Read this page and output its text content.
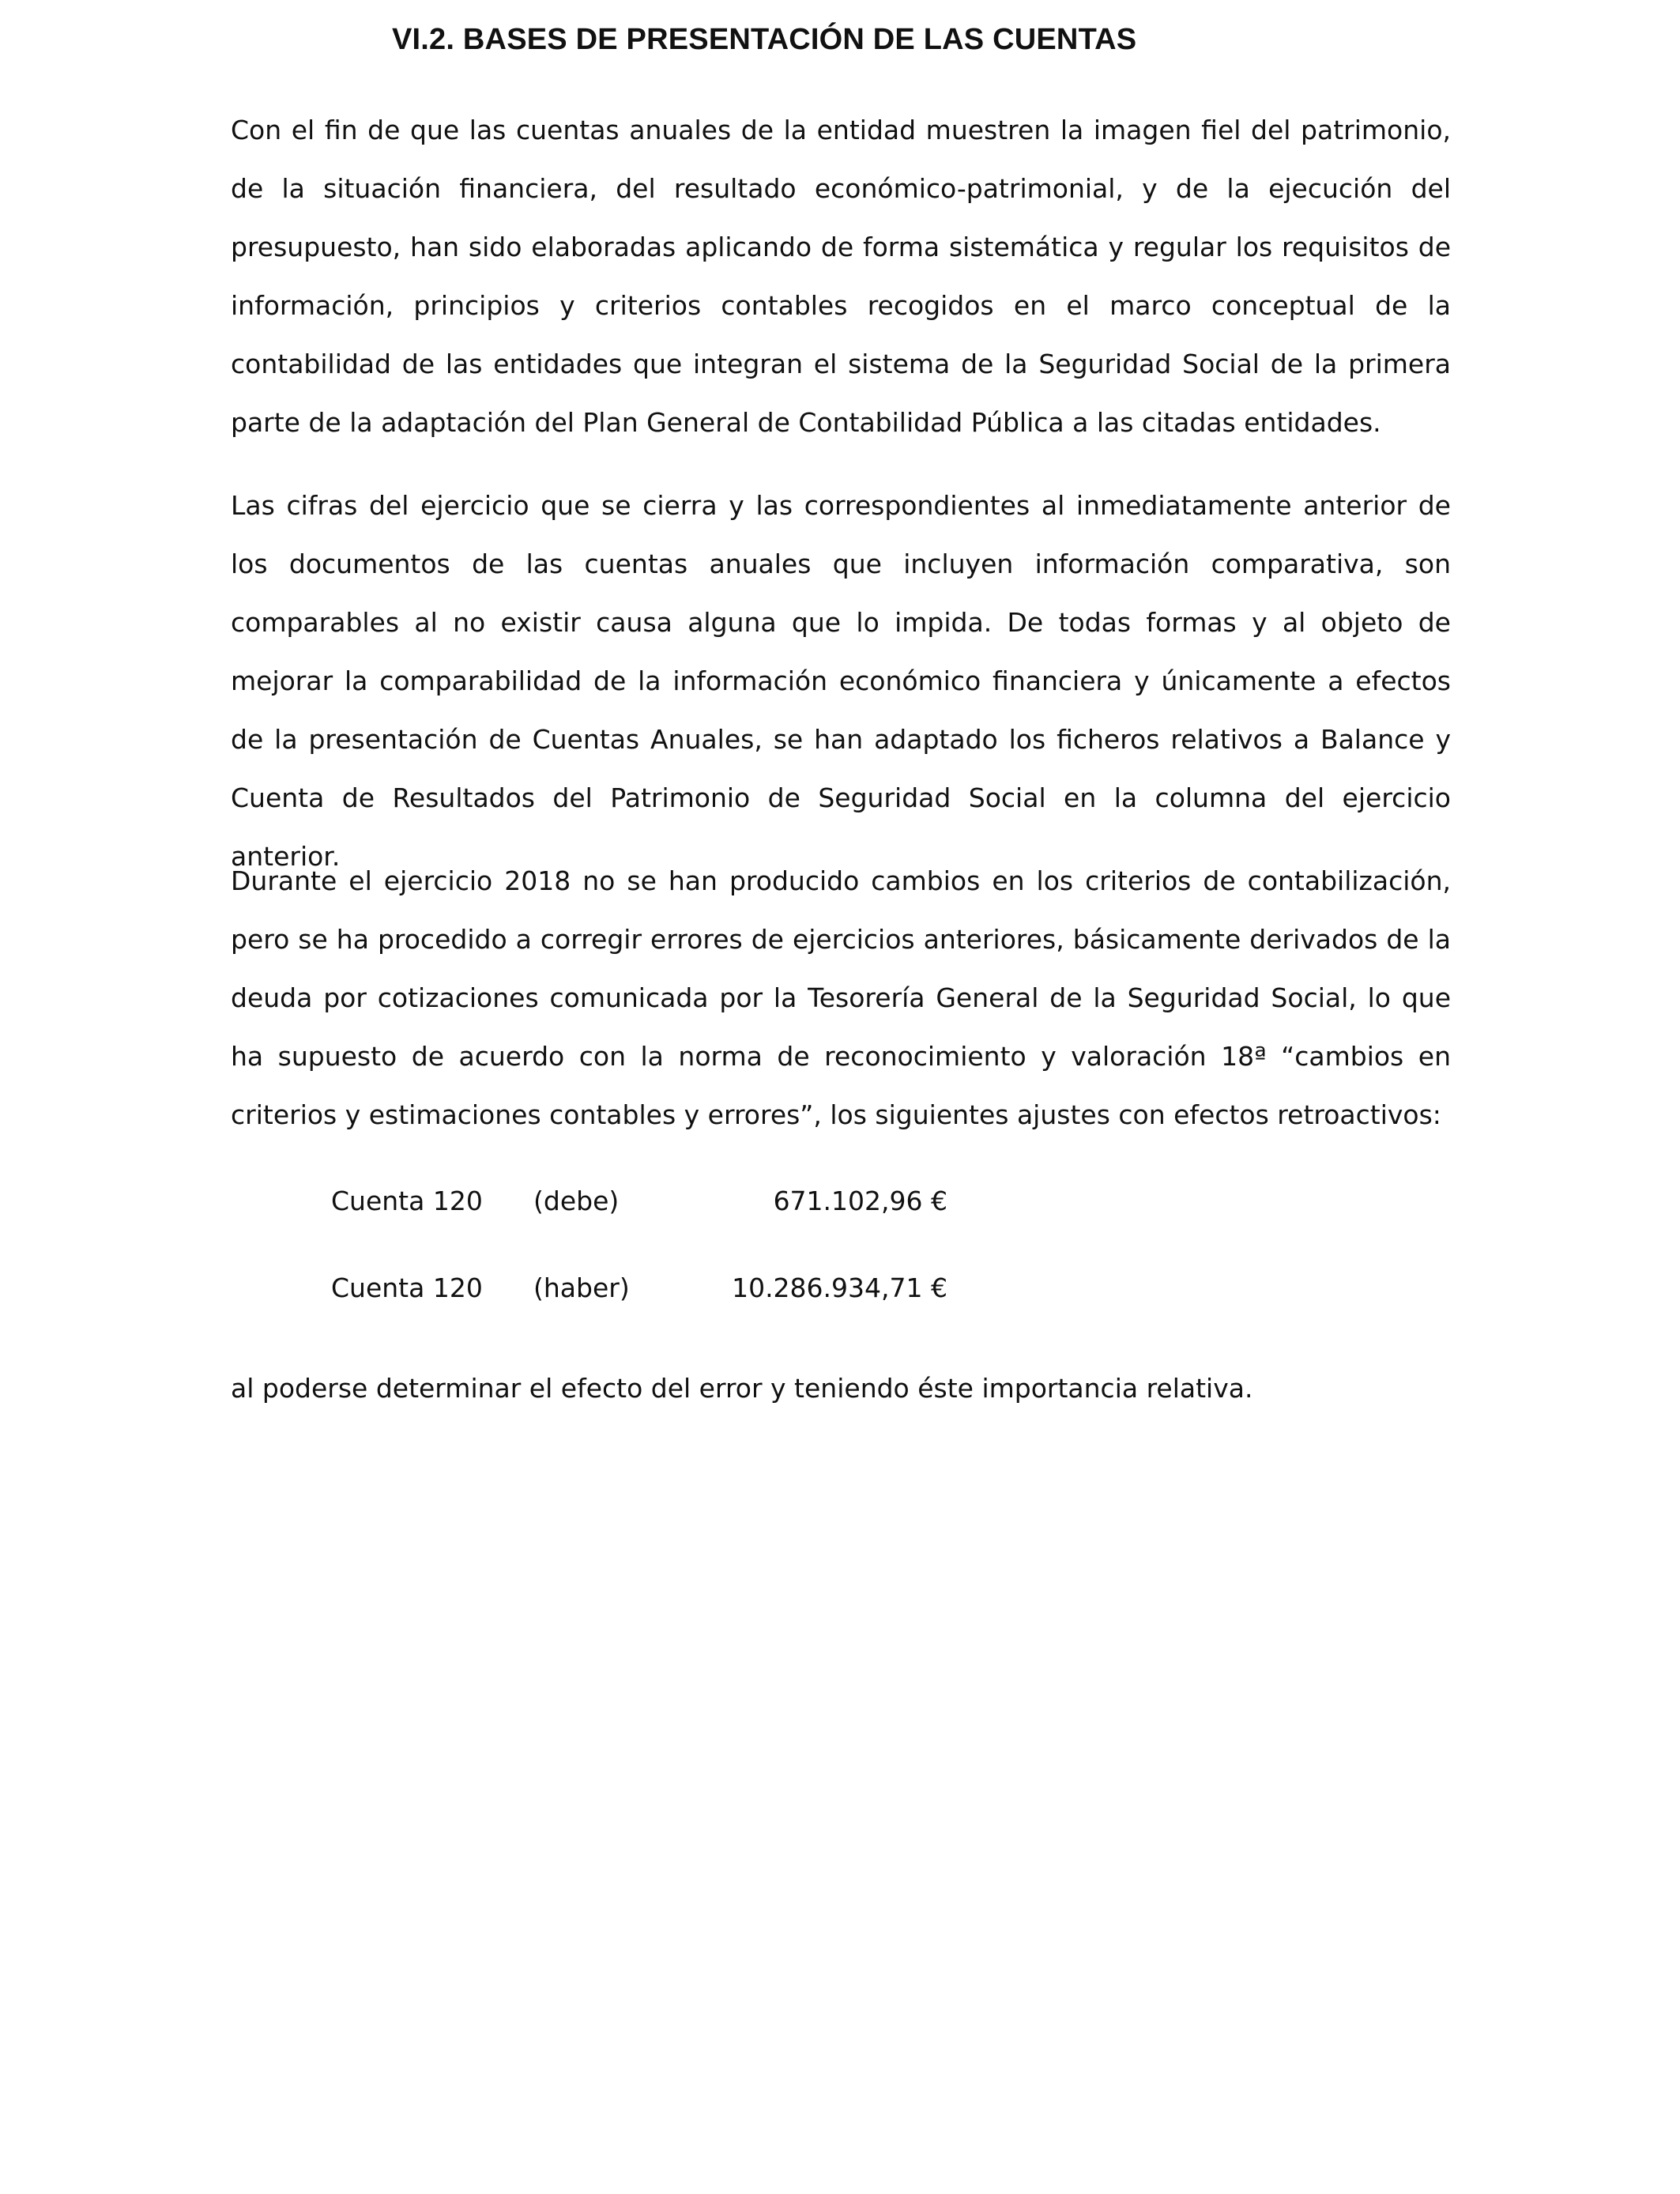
VI.2. BASES DE PRESENTACIÓN DE LAS CUENTAS

Con el fin de que las cuentas anuales de la entidad muestren la imagen fiel del patrimonio, de la situación financiera, del resultado económico-patrimonial, y de la ejecución del presupuesto, han sido elaboradas aplicando de forma sistemática y regular los requisitos de información, principios y criterios contables recogidos en el marco conceptual de la contabilidad de las entidades que integran el sistema de la Seguridad Social de la primera parte de la adaptación del Plan General de Contabilidad Pública a las citadas entidades.

Las cifras del ejercicio que se cierra y las correspondientes al inmediatamente anterior de los documentos de las cuentas anuales que incluyen información comparativa, son comparables al no existir causa alguna que lo impida. De todas formas y al objeto de mejorar la comparabilidad de la información económico financiera y únicamente a efectos de la presentación de Cuentas Anuales, se han adaptado los ficheros relativos a Balance y Cuenta de Resultados del Patrimonio de Seguridad Social en la columna del ejercicio anterior.

Durante el ejercicio 2018 no se han producido cambios en los criterios de contabilización, pero se ha procedido a corregir errores de ejercicios anteriores, básicamente derivados de la deuda por cotizaciones comunicada por la Tesorería General de la Seguridad Social, lo que ha supuesto de acuerdo con la norma de reconocimiento y valoración 18ª “cambios en criterios y estimaciones contables y errores”, los siguientes ajustes con efectos retroactivos:

Cuenta 120 (debe)	671.102,96 €
Cuenta 120 (haber)	10.286.934,71 €

al poderse determinar el efecto del error y teniendo éste importancia relativa.
